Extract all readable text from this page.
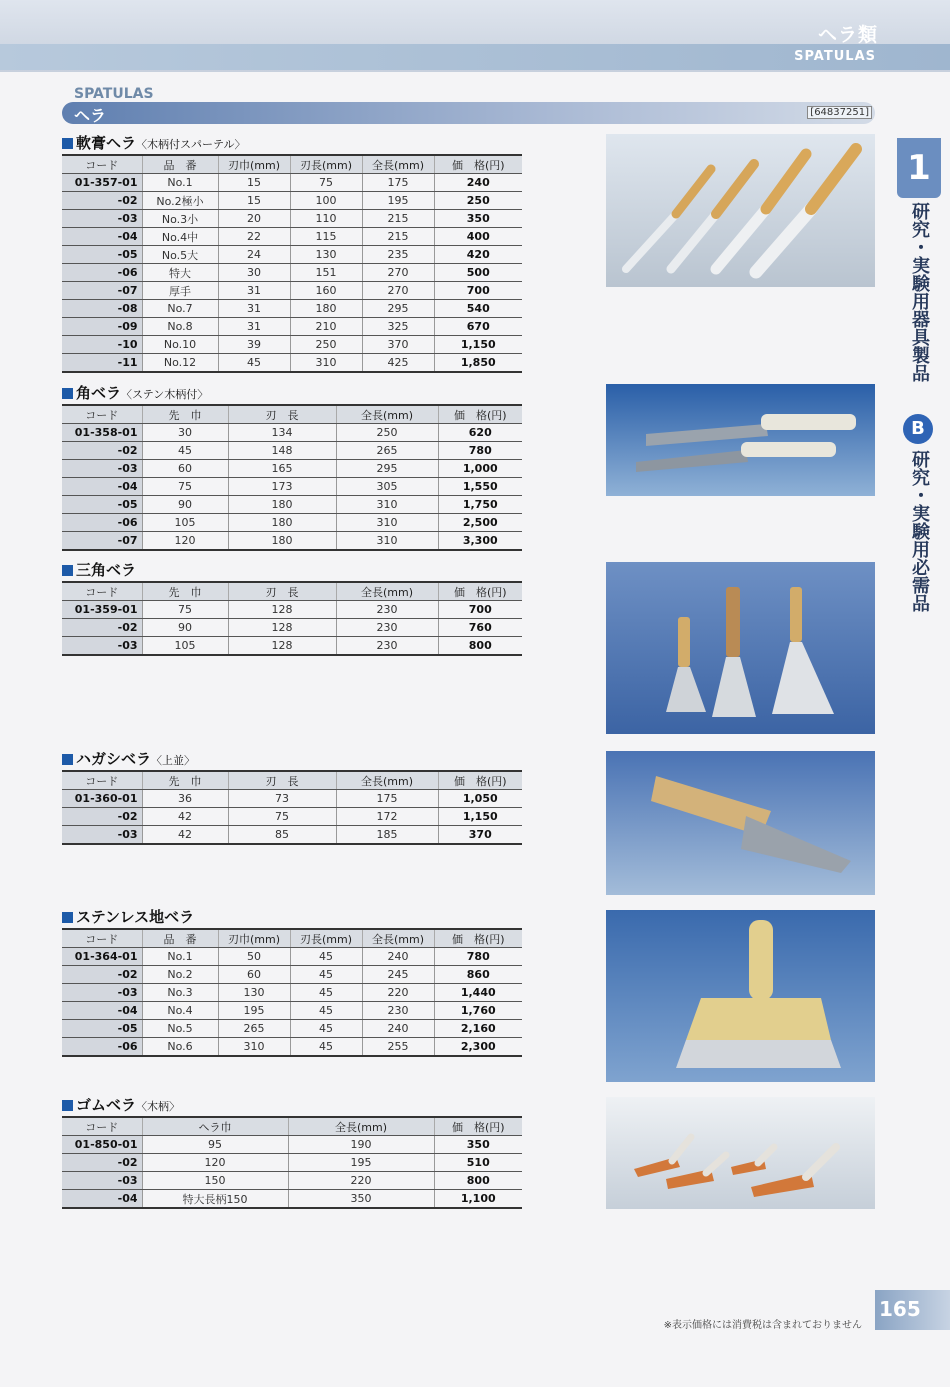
ヘラ類
SPATULAS
SPATULAS
ヘラ	[64837251]
1
研究・実験用器具製品
B
研究・実験用必需品
軟膏ヘラ〈木柄付スパーテル〉
コード	品　番	刃巾(mm)	刃長(mm)	全長(mm)	価　格(円)
01-357-01	No.1	15	75	175	240
-02	No.2極小	15	100	195	250
-03	No.3小	20	110	215	350
-04	No.4中	22	115	215	400
-05	No.5大	24	130	235	420
-06	特大	30	151	270	500
-07	厚手	31	160	270	700
-08	No.7	31	180	295	540
-09	No.8	31	210	325	670
-10	No.10	39	250	370	1,150
-11	No.12	45	310	425	1,850
角ベラ〈ステン木柄付〉
コード	先　巾	刃　長	全長(mm)	価　格(円)
01-358-01	30	134	250	620
-02	45	148	265	780
-03	60	165	295	1,000
-04	75	173	305	1,550
-05	90	180	310	1,750
-06	105	180	310	2,500
-07	120	180	310	3,300
三角ベラ
コード	先　巾	刃　長	全長(mm)	価　格(円)
01-359-01	75	128	230	700
-02	90	128	230	760
-03	105	128	230	800
ハガシベラ〈上並〉
コード	先　巾	刃　長	全長(mm)	価　格(円)
01-360-01	36	73	175	1,050
-02	42	75	172	1,150
-03	42	85	185	370
ステンレス地ベラ
コード	品　番	刃巾(mm)	刃長(mm)	全長(mm)	価　格(円)
01-364-01	No.1	50	45	240	780
-02	No.2	60	45	245	860
-03	No.3	130	45	220	1,440
-04	No.4	195	45	230	1,760
-05	No.5	265	45	240	2,160
-06	No.6	310	45	255	2,300
ゴムベラ〈木柄〉
コード	ヘラ巾	全長(mm)	価　格(円)
01-850-01	95	190	350
-02	120	195	510
-03	150	220	800
-04	特大長柄150	350	1,100
165
※表示価格には消費税は含まれておりません
